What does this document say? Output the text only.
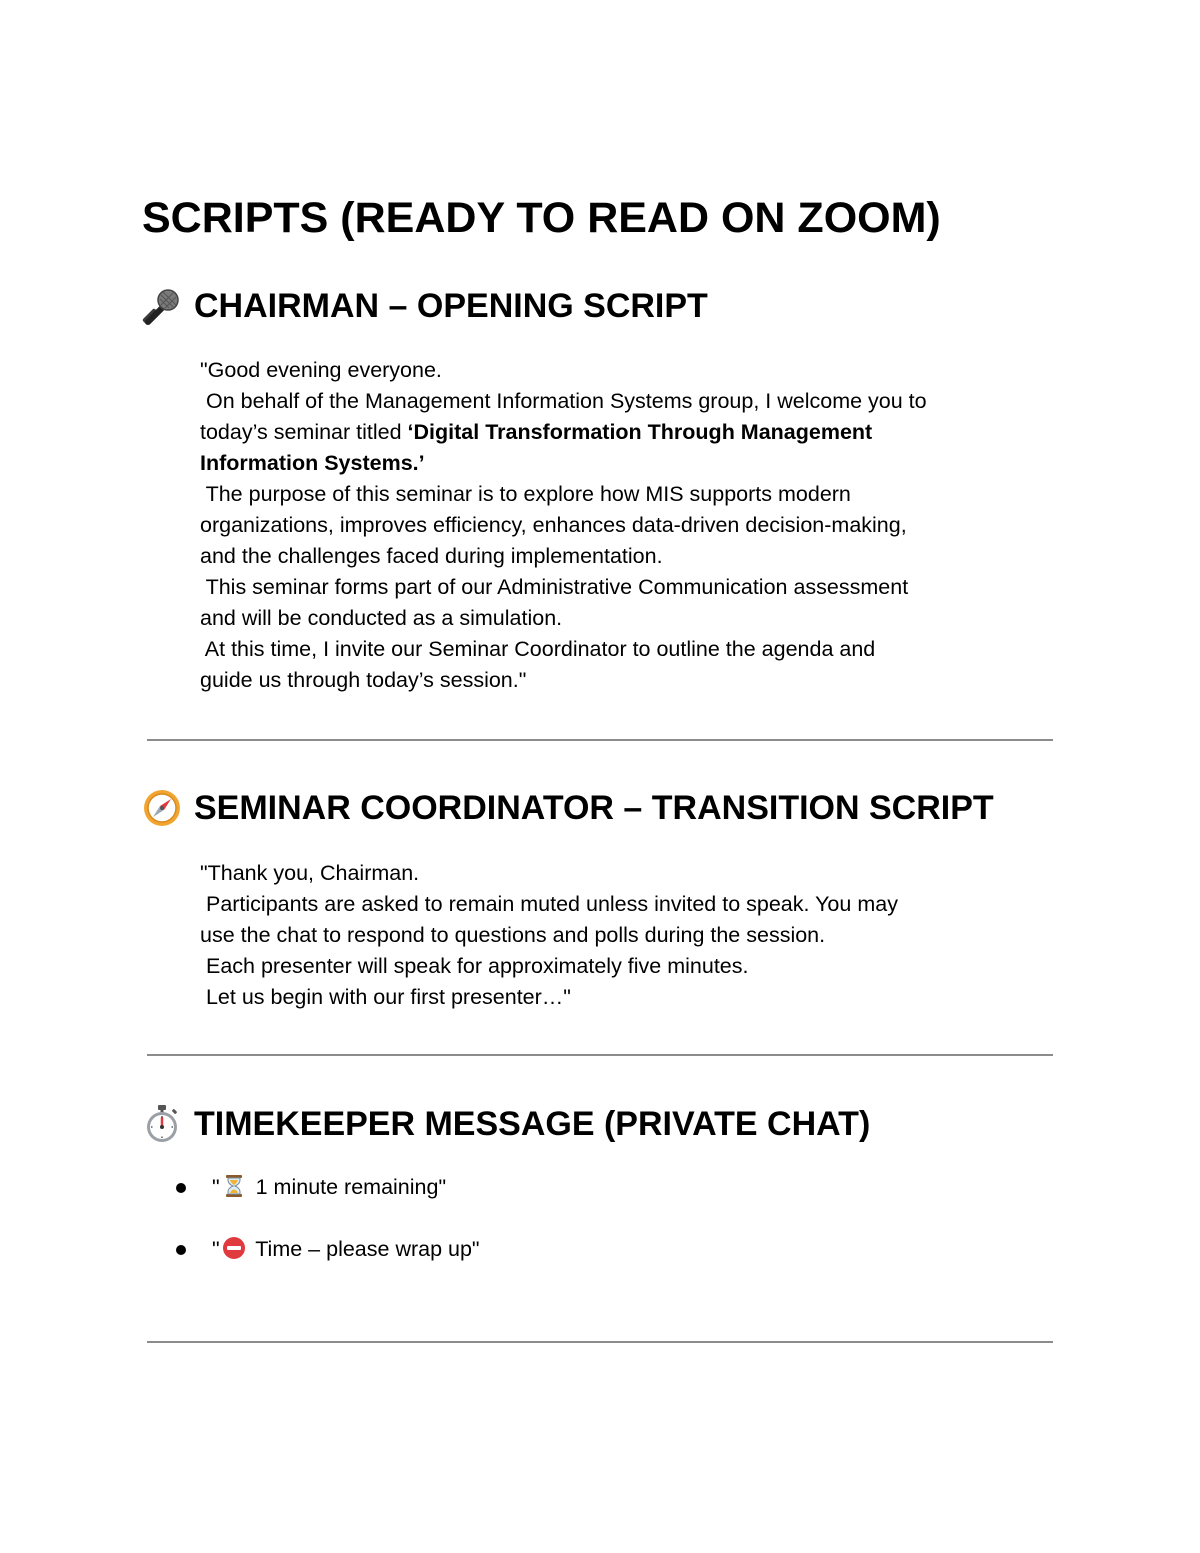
SCRIPTS (READY TO READ ON ZOOM)
CHAIRMAN – OPENING SCRIPT
"Good evening everyone.
On behalf of the Management Information Systems group, I welcome you to
today’s seminar titled ‘Digital Transformation Through Management
Information Systems.’
The purpose of this seminar is to explore how MIS supports modern
organizations, improves efficiency, enhances data-driven decision-making,
and the challenges faced during implementation.
This seminar forms part of our Administrative Communication assessment
and will be conducted as a simulation.
At this time, I invite our Seminar Coordinator to outline the agenda and
guide us through today’s session."
SEMINAR COORDINATOR – TRANSITION SCRIPT
"Thank you, Chairman.
Participants are asked to remain muted unless invited to speak. You may
use the chat to respond to questions and polls during the session.
Each presenter will speak for approximately five minutes.
Let us begin with our first presenter…"
TIMEKEEPER MESSAGE (PRIVATE CHAT)
"
1 minute remaining"
"
Time – please wrap up"
